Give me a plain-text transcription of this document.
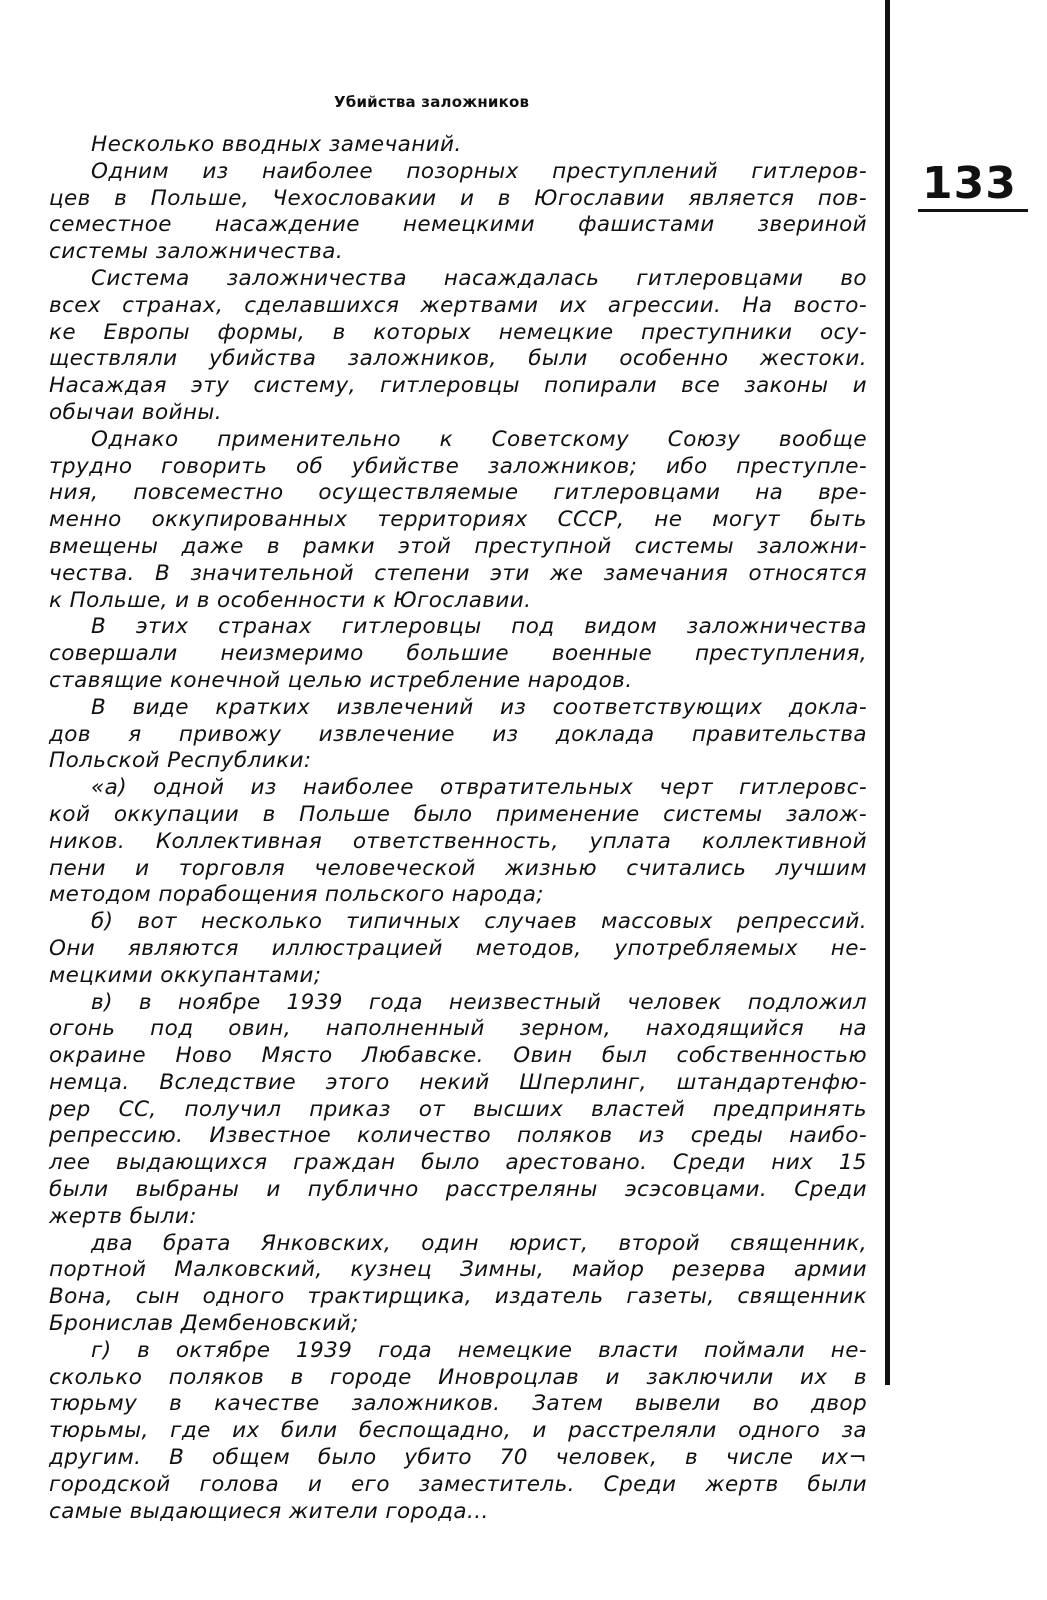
Убийства заложников
133
Несколько вводных замечаний.
Одним из наиболее позорных преступлений гитлеров-
цев в Польше, Чехословакии и в Югославии является пов-
семестное насаждение немецкими фашистами звериной
системы заложничества.
Система заложничества насаждалась гитлеровцами во
всех странах, сделавшихся жертвами их агрессии. На восто-
ке Европы формы, в которых немецкие преступники осу-
ществляли убийства заложников, были особенно жестоки.
Насаждая эту систему, гитлеровцы попирали все законы и
обычаи войны.
Однако применительно к Советскому Союзу вообще
трудно говорить об убийстве заложников; ибо преступле-
ния, повсеместно осуществляемые гитлеровцами на вре-
менно оккупированных территориях СССР, не могут быть
вмещены даже в рамки этой преступной системы заложни-
чества. В значительной степени эти же замечания относятся
к Польше, и в особенности к Югославии.
В этих странах гитлеровцы под видом заложничества
совершали неизмеримо большие военные преступления,
ставящие конечной целью истребление народов.
В виде кратких извлечений из соответствующих докла-
дов я привожу извлечение из доклада правительства
Польской Республики:
«а) одной из наиболее отвратительных черт гитлеровс-
кой оккупации в Польше было применение системы залож-
ников. Коллективная ответственность, уплата коллективной
пени и торговля человеческой жизнью считались лучшим
методом порабощения польского народа;
б) вот несколько типичных случаев массовых репрессий.
Они являются иллюстрацией методов, употребляемых не-
мецкими оккупантами;
в) в ноябре 1939 года неизвестный человек подложил
огонь под овин, наполненный зерном, находящийся на
окраине Ново Място Любавске. Овин был собственностью
немца. Вследствие этого некий Шперлинг, штандартенфю-
рер СС, получил приказ от высших властей предпринять
репрессию. Известное количество поляков из среды наибо-
лее выдающихся граждан было арестовано. Среди них 15
были выбраны и публично расстреляны эсэсовцами. Среди
жертв были:
два брата Янковских, один юрист, второй священник,
портной Малковский, кузнец Зимны, майор резерва армии
Вона, сын одного трактирщика, издатель газеты, священник
Бронислав Дембеновский;
г) в октябре 1939 года немецкие власти поймали не-
сколько поляков в городе Иновроцлав и заключили их в
тюрьму в качестве заложников. Затем вывели во двор
тюрьмы, где их били беспощадно, и расстреляли одного за
другим. В общем было убито 70 человек, в числе их¬
городской голова и его заместитель. Среди жертв были
самые выдающиеся жители города...
